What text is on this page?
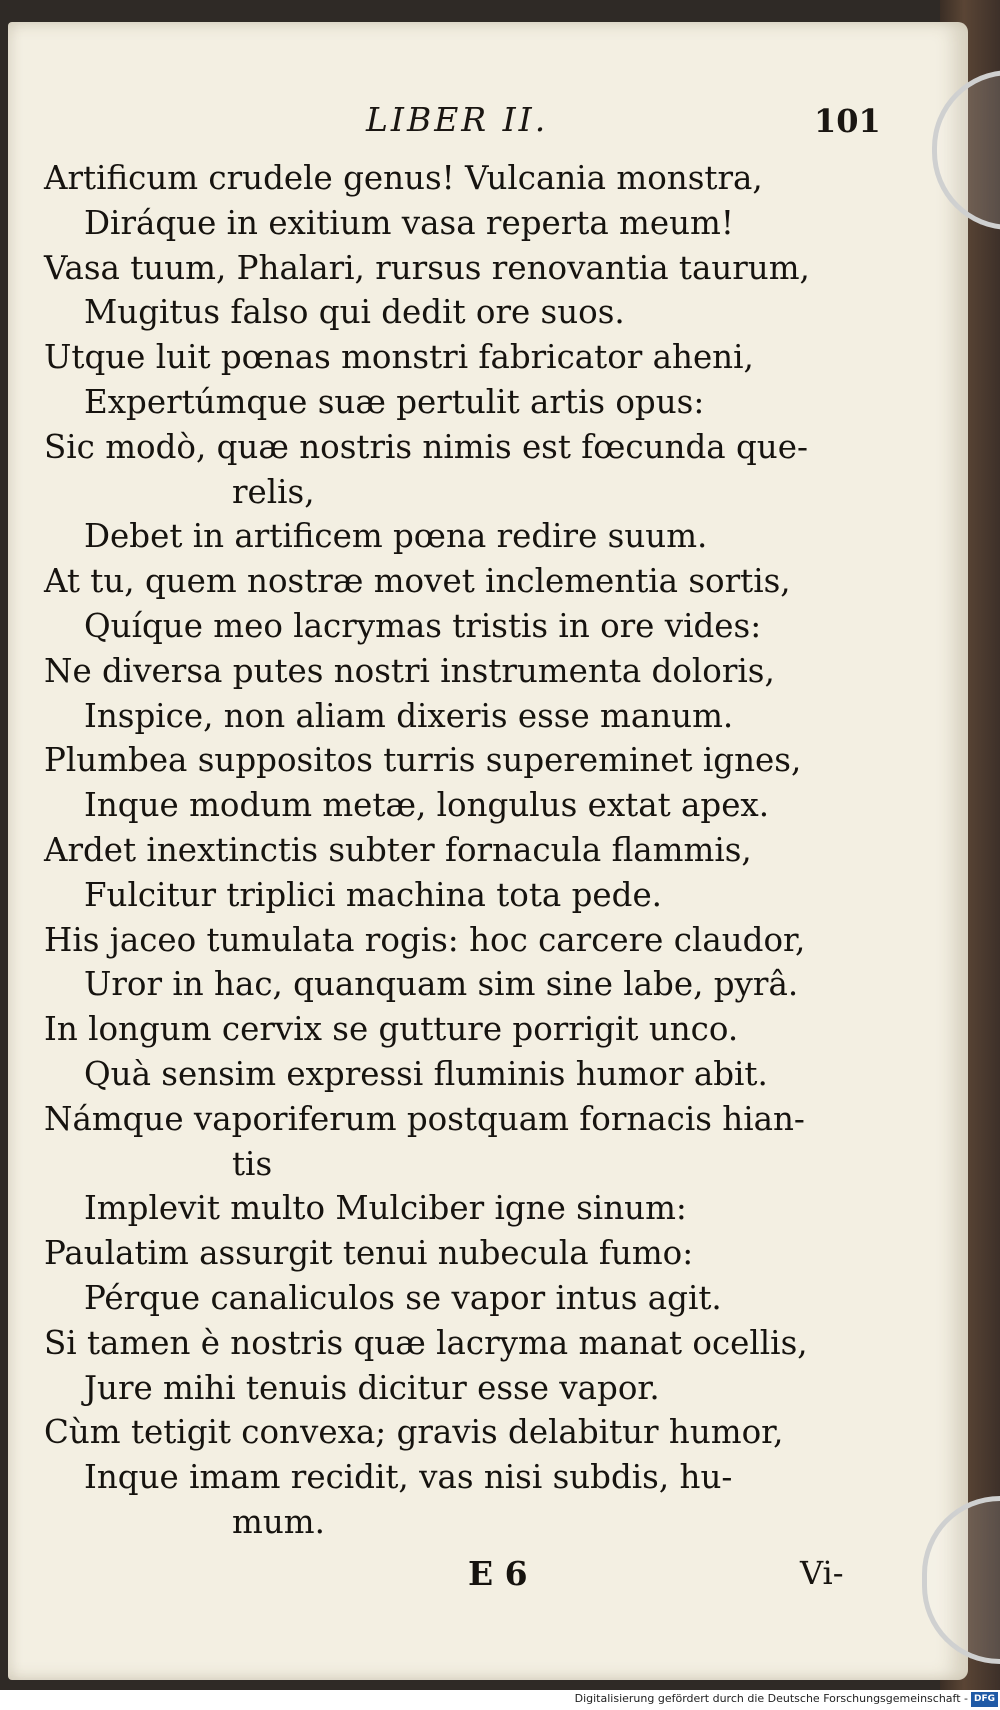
LIBER II.	101
Artificum crudele genus! Vulcania monstra,
Diráque in exitium vasa reperta meum!
Vasa tuum, Phalari, rursus renovantia taurum,
Mugitus falso qui dedit ore suos.
Utque luit pœnas monstri fabricator aheni,
Expertúmque suæ pertulit artis opus:
Sic modò, quæ nostris nimis est fœcunda que-
relis,
Debet in artificem pœna redire suum.
At tu, quem nostræ movet inclementia sortis,
Quíque meo lacrymas tristis in ore vides:
Ne diversa putes nostri instrumenta doloris,
Inspice, non aliam dixeris esse manum.
Plumbea suppositos turris supereminet ignes,
Inque modum metæ, longulus extat apex.
Ardet inextinctis subter fornacula flammis,
Fulcitur triplici machina tota pede.
His jaceo tumulata rogis: hoc carcere claudor,
Uror in hac, quanquam sim sine labe, pyrâ.
In longum cervix se gutture porrigit unco.
Quà sensim expressi fluminis humor abit.
Námque vaporiferum postquam fornacis hian-
tis
Implevit multo Mulciber igne sinum:
Paulatim assurgit tenui nubecula fumo:
Pérque canaliculos se vapor intus agit.
Si tamen è nostris quæ lacryma manat ocellis,
Jure mihi tenuis dicitur esse vapor.
Cùm tetigit convexa; gravis delabitur humor,
Inque imam recidit, vas nisi subdis, hu-
mum.
E 6	Vi-
Digitalisierung gefördert durch die Deutsche Forschungsgemeinschaft - DFG
